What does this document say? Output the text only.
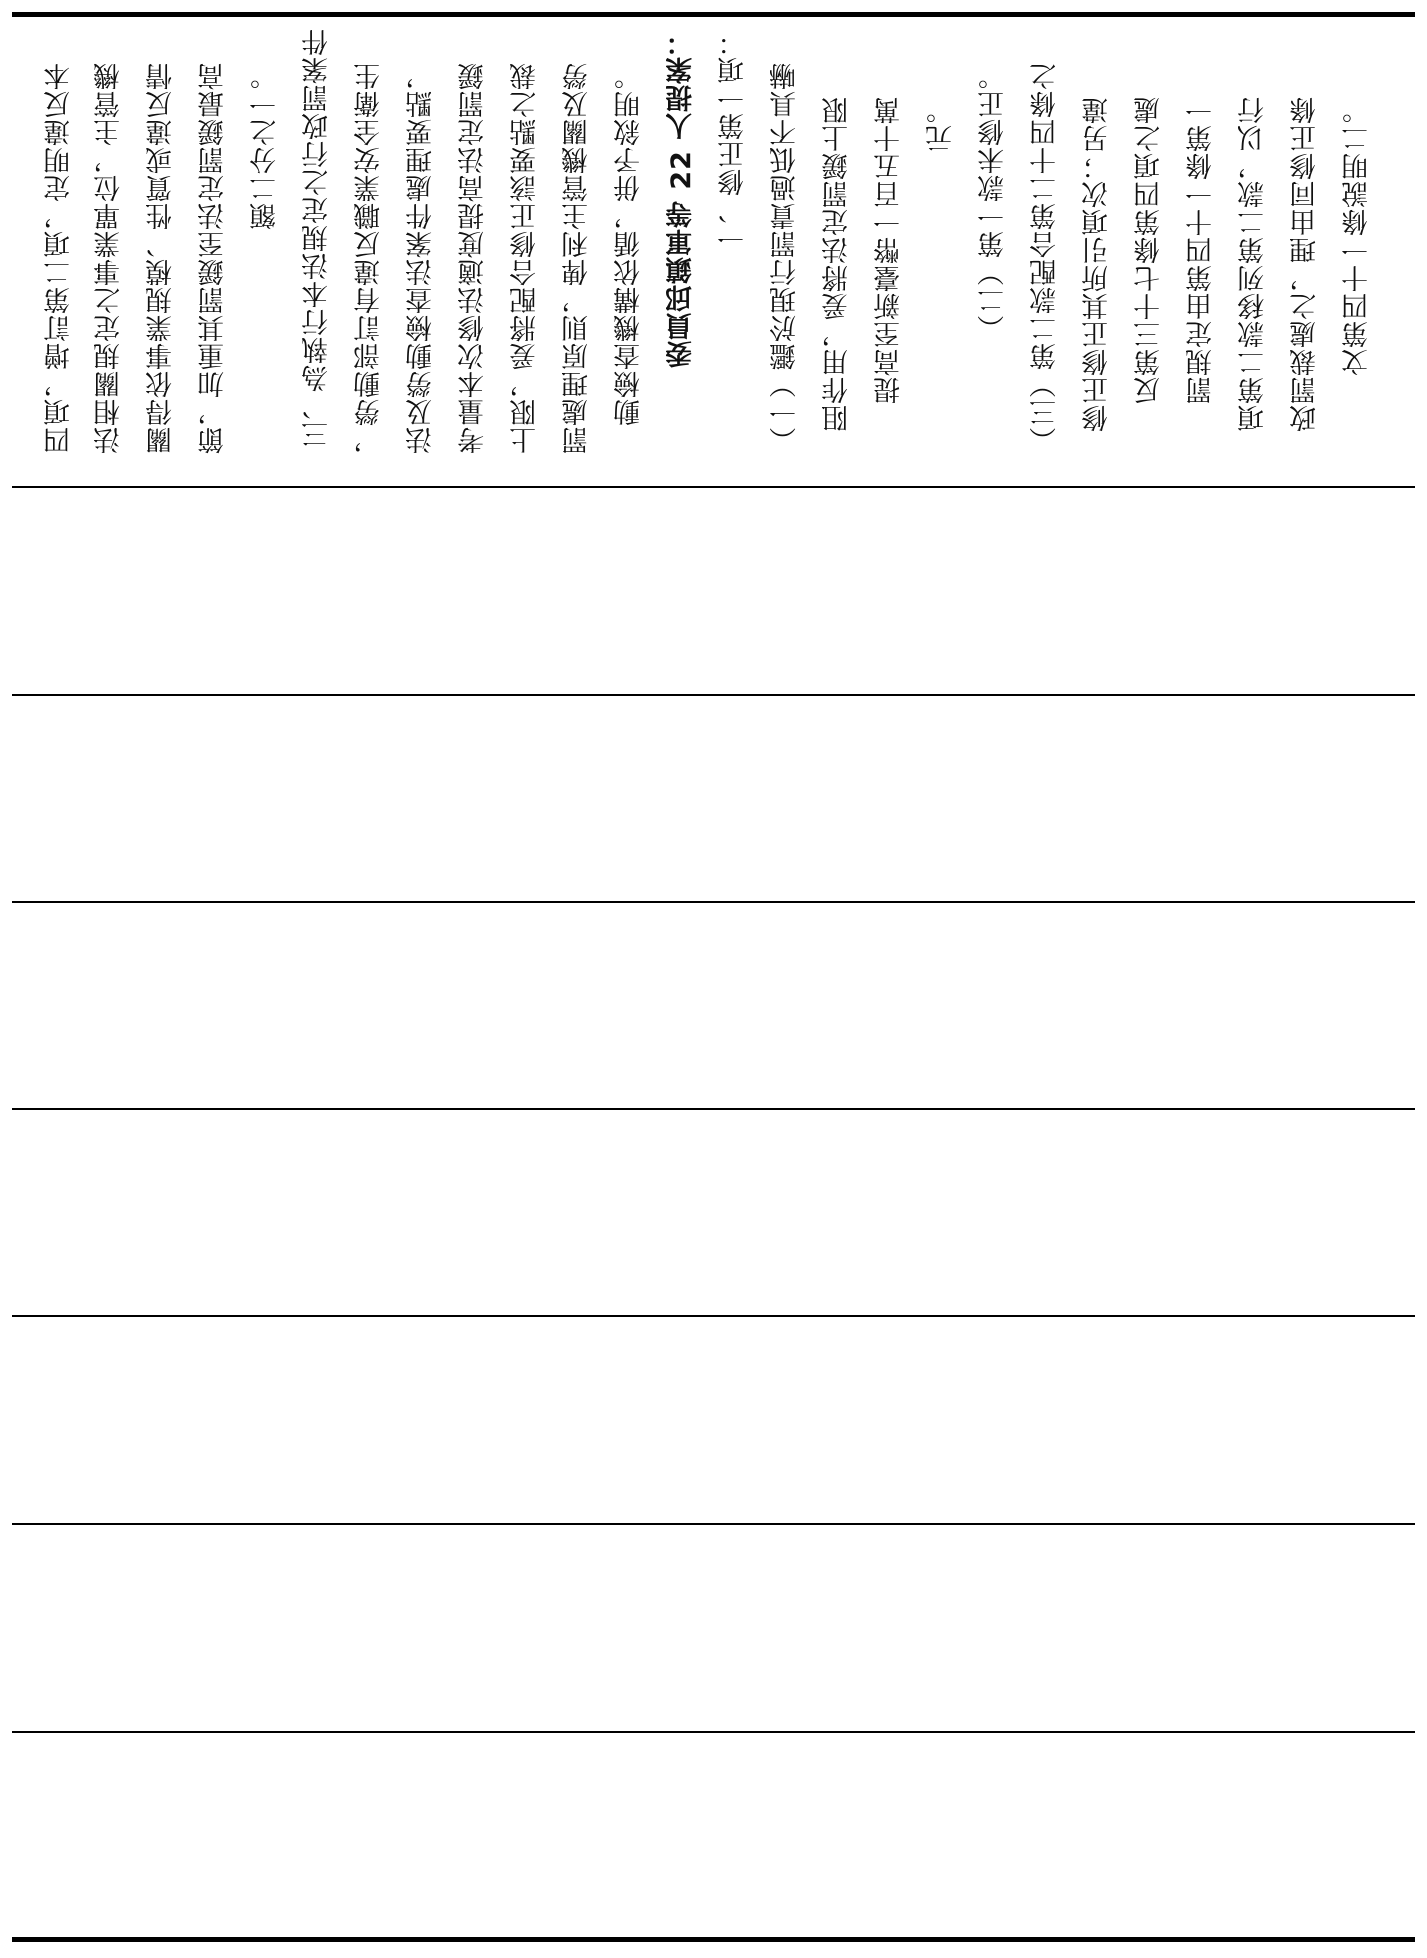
四項，增訂第二項，定明違反本 法相關規定之事業單位，主管機 關得依事業規模、性質或違反情 節，加重其罰鍰至法定罰鍰最高 額二分之一。 三、為執行本法規定之行政罰案件 ，勞動部訂有違反職業安全衛生 法及勞動檢查法案件處理要點， 考量本次修法適度提高法定罰鍰 上限，爰將配合修正該要點之裁 罰處理原則，俾利主管機關及勞 動檢查機構依循，併予敘明。 委員邱鎮軍等 22 人提案： 一、修正第一項： （一）鑑於現行罰責過低不具嚇 阻作用，爰將法定罰鍰上限 提高至新臺幣一百五十萬 元。 （二）第一款未修正。 （三）第二款配合第二十四條之 修正修正其所引項次；另違 反第三十七條第四項之處 罰規定由第四十一條第一 項第二款移列第二款，以行 政罰裁處之，理由同修正條 文第四十一條說明二。
